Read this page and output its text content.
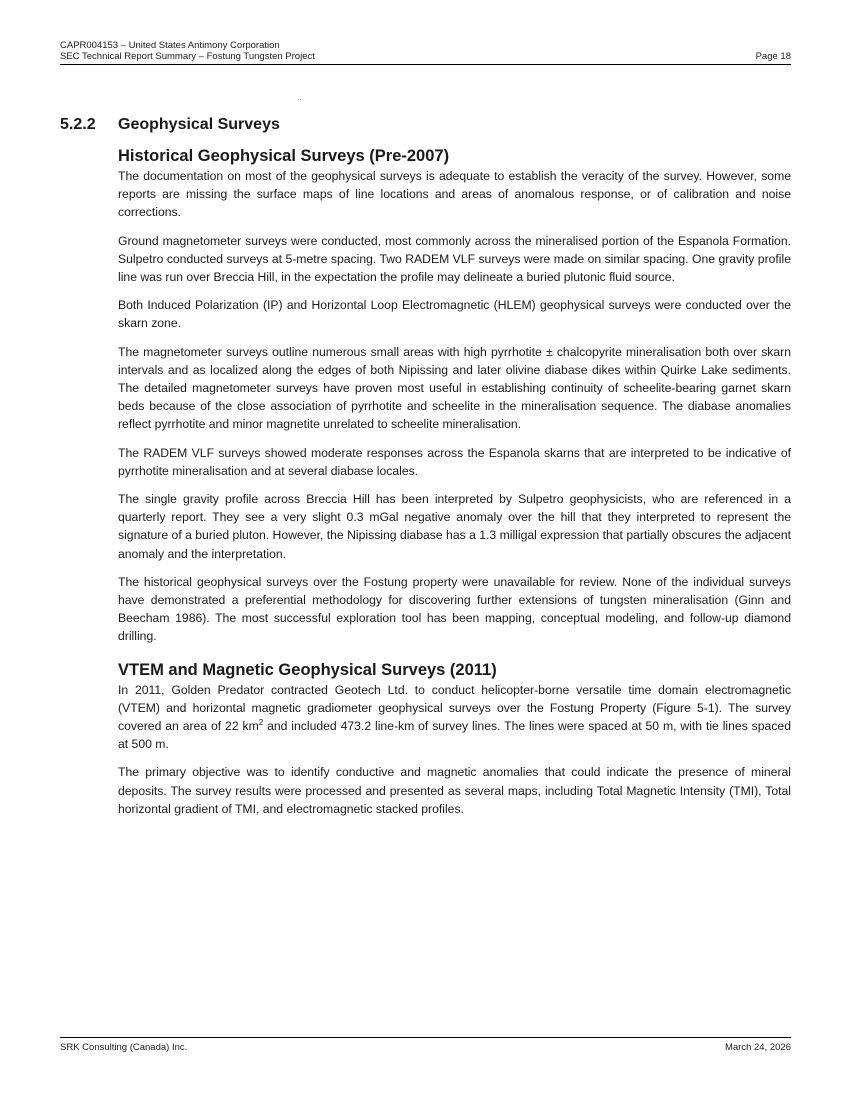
CAPR004153 – United States Antimony Corporation
SEC Technical Report Summary – Fostung Tungsten Project	Page 18
5.2.2	Geophysical Surveys
Historical Geophysical Surveys (Pre-2007)

The documentation on most of the geophysical surveys is adequate to establish the veracity of the survey. However, some reports are missing the surface maps of line locations and areas of anomalous response, or of calibration and noise corrections.

Ground magnetometer surveys were conducted, most commonly across the mineralised portion of the Espanola Formation. Sulpetro conducted surveys at 5-metre spacing. Two RADEM VLF surveys were made on similar spacing. One gravity profile line was run over Breccia Hill, in the expectation the profile may delineate a buried plutonic fluid source.

Both Induced Polarization (IP) and Horizontal Loop Electromagnetic (HLEM) geophysical surveys were conducted over the skarn zone.

The magnetometer surveys outline numerous small areas with high pyrrhotite ± chalcopyrite mineralisation both over skarn intervals and as localized along the edges of both Nipissing and later olivine diabase dikes within Quirke Lake sediments. The detailed magnetometer surveys have proven most useful in establishing continuity of scheelite-bearing garnet skarn beds because of the close association of pyrrhotite and scheelite in the mineralisation sequence. The diabase anomalies reflect pyrrhotite and minor magnetite unrelated to scheelite mineralisation.

The RADEM VLF surveys showed moderate responses across the Espanola skarns that are interpreted to be indicative of pyrrhotite mineralisation and at several diabase locales.

The single gravity profile across Breccia Hill has been interpreted by Sulpetro geophysicists, who are referenced in a quarterly report. They see a very slight 0.3 mGal negative anomaly over the hill that they interpreted to represent the signature of a buried pluton. However, the Nipissing diabase has a 1.3 milligal expression that partially obscures the adjacent anomaly and the interpretation.

The historical geophysical surveys over the Fostung property were unavailable for review. None of the individual surveys have demonstrated a preferential methodology for discovering further extensions of tungsten mineralisation (Ginn and Beecham 1986). The most successful exploration tool has been mapping, conceptual modeling, and follow-up diamond drilling.

VTEM and Magnetic Geophysical Surveys (2011)

In 2011, Golden Predator contracted Geotech Ltd. to conduct helicopter-borne versatile time domain electromagnetic (VTEM) and horizontal magnetic gradiometer geophysical surveys over the Fostung Property (Figure 5-1). The survey covered an area of 22 $km^2$ and included 473.2 line-km of survey lines. The lines were spaced at 50 m, with tie lines spaced at 500 m.

The primary objective was to identify conductive and magnetic anomalies that could indicate the presence of mineral deposits. The survey results were processed and presented as several maps, including Total Magnetic Intensity (TMI), Total horizontal gradient of TMI, and electromagnetic stacked profiles.

SRK Consulting (Canada) Inc.	March 24, 2026
